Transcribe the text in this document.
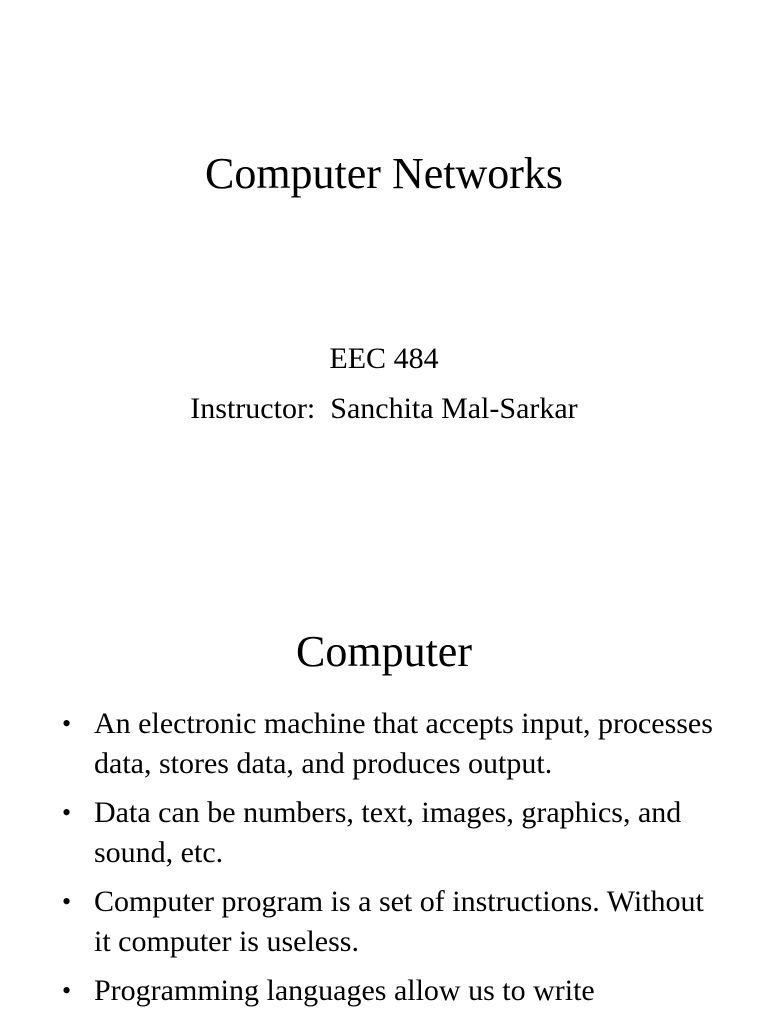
Computer Networks
EEC 484
Instructor:  Sanchita Mal-Sarkar
Computer
• An electronic machine that accepts input, processes data, stores data, and produces output.
• Data can be numbers, text, images, graphics, and sound, etc.
• Computer program is a set of instructions. Without it computer is useless.
• Programming languages allow us to write
